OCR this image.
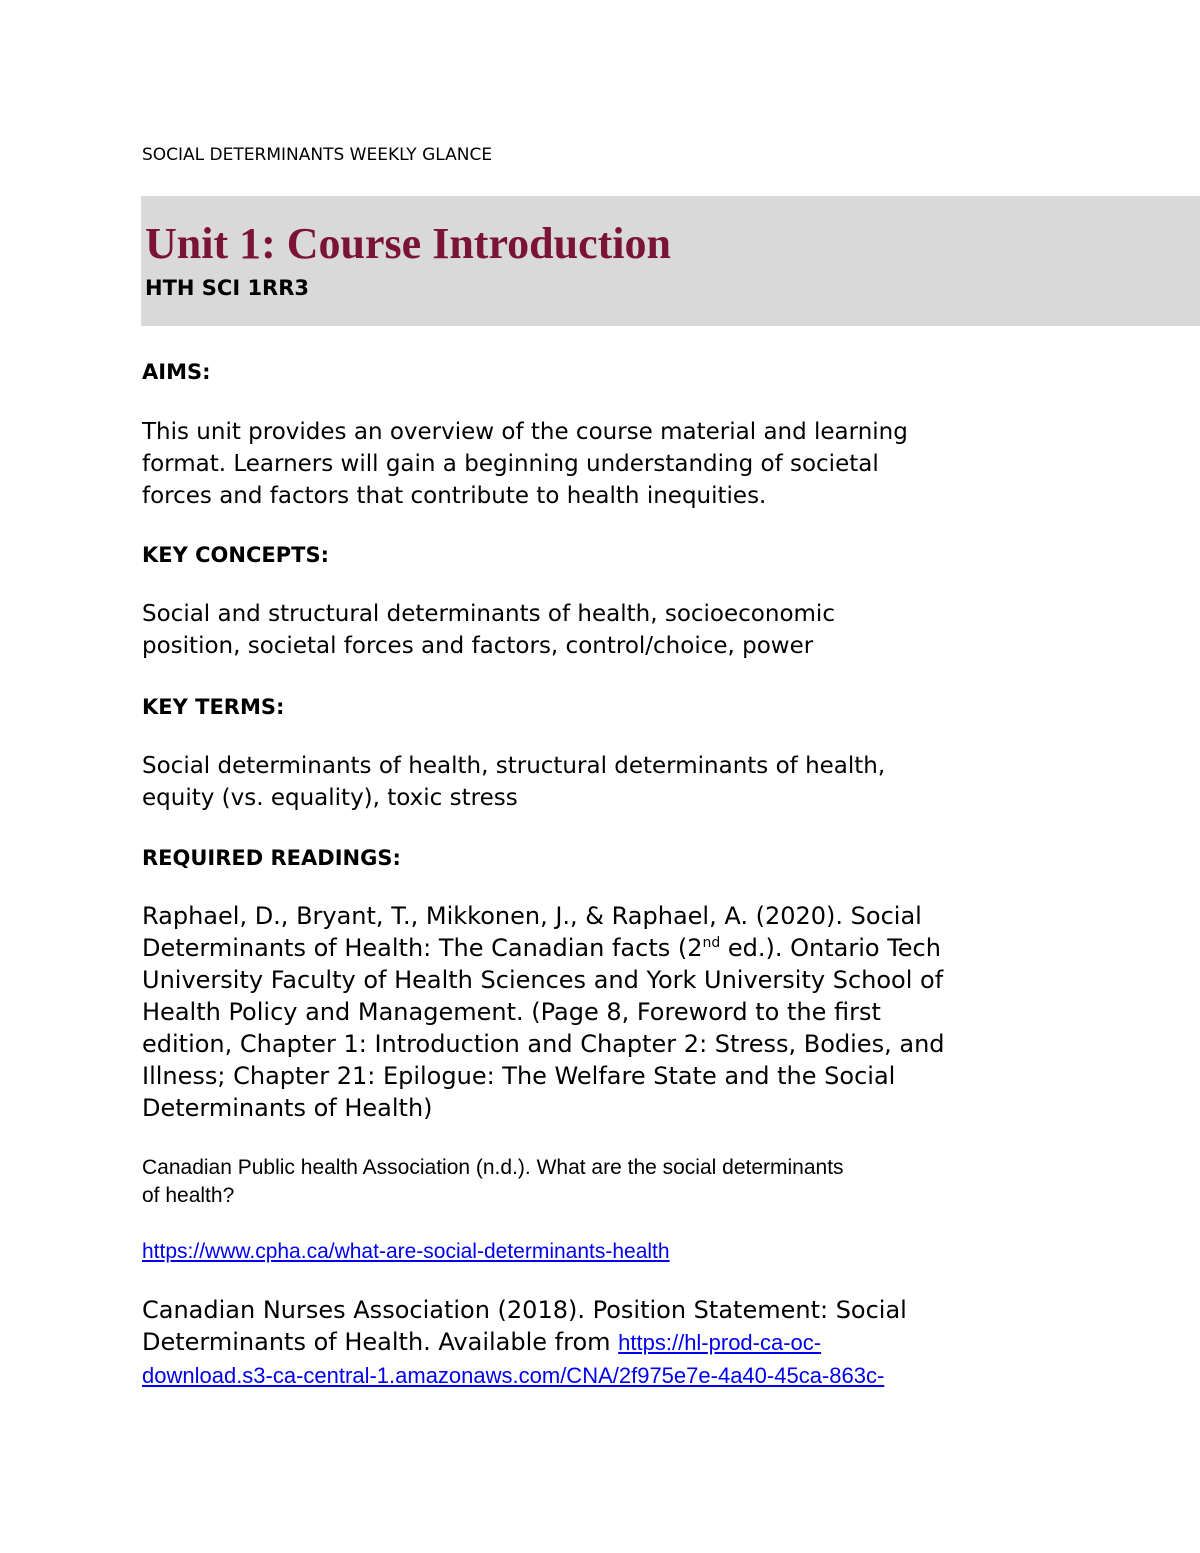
SOCIAL DETERMINANTS WEEKLY GLANCE
Unit 1: Course Introduction
HTH SCI 1RR3
AIMS:
This unit provides an overview of the course material and learning
format. Learners will gain a beginning understanding of societal
forces and factors that contribute to health inequities.
KEY CONCEPTS:
Social and structural determinants of health, socioeconomic
position, societal forces and factors, control/choice, power
KEY TERMS:
Social determinants of health, structural determinants of health,
equity (vs. equality), toxic stress
REQUIRED READINGS:
Raphael, D., Bryant, T., Mikkonen, J., & Raphael, A. (2020). Social
Determinants of Health: The Canadian facts (2nd ed.). Ontario Tech
University Faculty of Health Sciences and York University School of
Health Policy and Management. (Page 8, Foreword to the first
edition, Chapter 1: Introduction and Chapter 2: Stress, Bodies, and
Illness; Chapter 21: Epilogue: The Welfare State and the Social
Determinants of Health)
Canadian Public health Association (n.d.). What are the social determinants
of health?
https://www.cpha.ca/what-are-social-determinants-health
Canadian Nurses Association (2018). Position Statement: Social
Determinants of Health. Available from https://hl-prod-ca-oc-
download.s3-ca-central-1.amazonaws.com/CNA/2f975e7e-4a40-45ca-863c-
